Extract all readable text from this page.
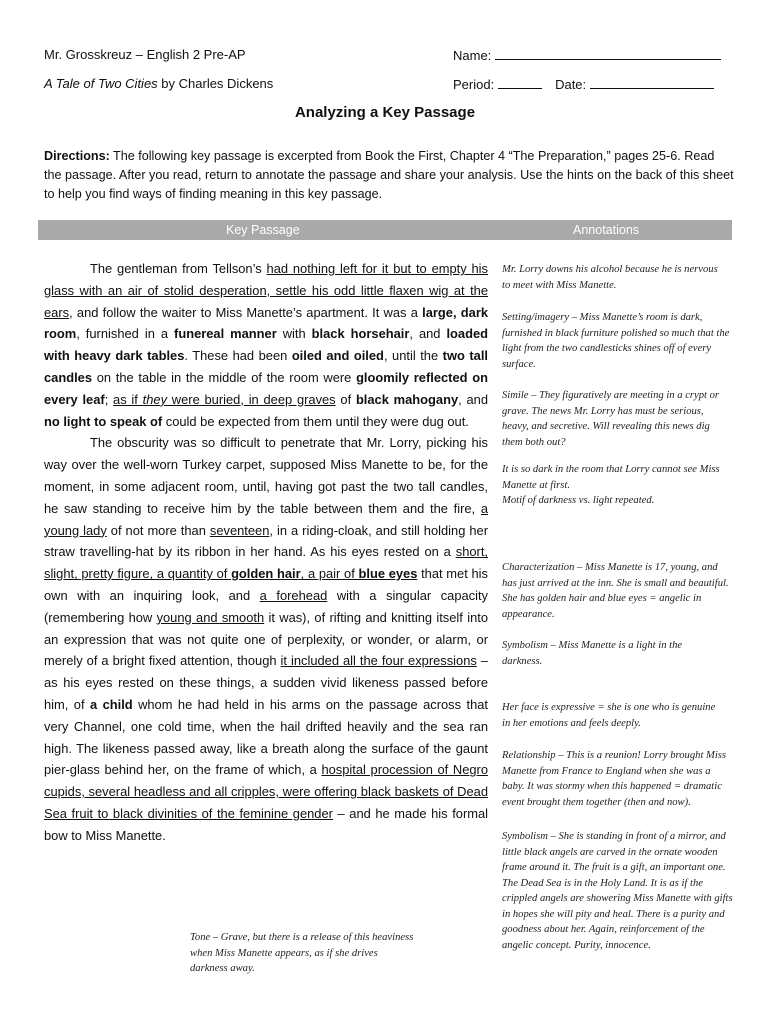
Mr. Grosskreuz – English 2 Pre-AP
A Tale of Two Cities by Charles Dickens
Name:
Period:	Date:
Analyzing a Key Passage
Directions: The following key passage is excerpted from Book the First, Chapter 4 “The Preparation,” pages 25-6. Read the passage. After you read, return to annotate the passage and share your analysis. Use the hints on the back of this sheet to help you find ways of finding meaning in this key passage.
Key Passage	Annotations

The gentleman from Tellson’s had nothing left for it but to empty his glass with an air of stolid desperation, settle his odd little flaxen wig at the ears, and follow the waiter to Miss Manette’s apartment. It was a large, dark room, furnished in a funereal manner with black horsehair, and loaded with heavy dark tables. These had been oiled and oiled, until the two tall candles on the table in the middle of the room were gloomily reflected on every leaf; as if they were buried, in deep graves of black mahogany, and no light to speak of could be expected from them until they were dug out.

The obscurity was so difficult to penetrate that Mr. Lorry, picking his way over the well-worn Turkey carpet, supposed Miss Manette to be, for the moment, in some adjacent room, until, having got past the two tall candles, he saw standing to receive him by the table between them and the fire, a young lady of not more than seventeen, in a riding-cloak, and still holding her straw travelling-hat by its ribbon in her hand. As his eyes rested on a short, slight, pretty figure, a quantity of golden hair, a pair of blue eyes that met his own with an inquiring look, and a forehead with a singular capacity (remembering how young and smooth it was), of rifting and knitting itself into an expression that was not quite one of perplexity, or wonder, or alarm, or merely of a bright fixed attention, though it included all the four expressions – as his eyes rested on these things, a sudden vivid likeness passed before him, of a child whom he had held in his arms on the passage across that very Channel, one cold time, when the hail drifted heavily and the sea ran high. The likeness passed away, like a breath along the surface of the gaunt pier-glass behind her, on the frame of which, a hospital procession of Negro cupids, several headless and all cripples, were offering black baskets of Dead Sea fruit to black divinities of the feminine gender – and he made his formal bow to Miss Manette.

Mr. Lorry downs his alcohol because he is nervous to meet with Miss Manette.
Setting/imagery – Miss Manette’s room is dark, furnished in black furniture polished so much that the light from the two candlesticks shines off of every surface.
Simile – They figuratively are meeting in a crypt or grave. The news Mr. Lorry has must be serious, heavy, and secretive. Will revealing this news dig them both out?
It is so dark in the room that Lorry cannot see Miss Manette at first.
Motif of darkness vs. light repeated.
Characterization – Miss Manette is 17, young, and has just arrived at the inn. She is small and beautiful. She has golden hair and blue eyes = angelic in appearance.
Symbolism – Miss Manette is a light in the darkness.
Her face is expressive = she is one who is genuine in her emotions and feels deeply.
Relationship – This is a reunion! Lorry brought Miss Manette from France to England when she was a baby. It was stormy when this happened = dramatic event brought them together (then and now).
Symbolism – She is standing in front of a mirror, and little black angels are carved in the ornate wooden frame around it. The fruit is a gift, an important one. The Dead Sea is in the Holy Land. It is as if the crippled angels are showering Miss Manette with gifts in hopes she will pity and heal. There is a purity and goodness about her. Again, reinforcement of the angelic concept. Purity, innocence.
Tone – Grave, but there is a release of this heaviness when Miss Manette appears, as if she drives darkness away.
